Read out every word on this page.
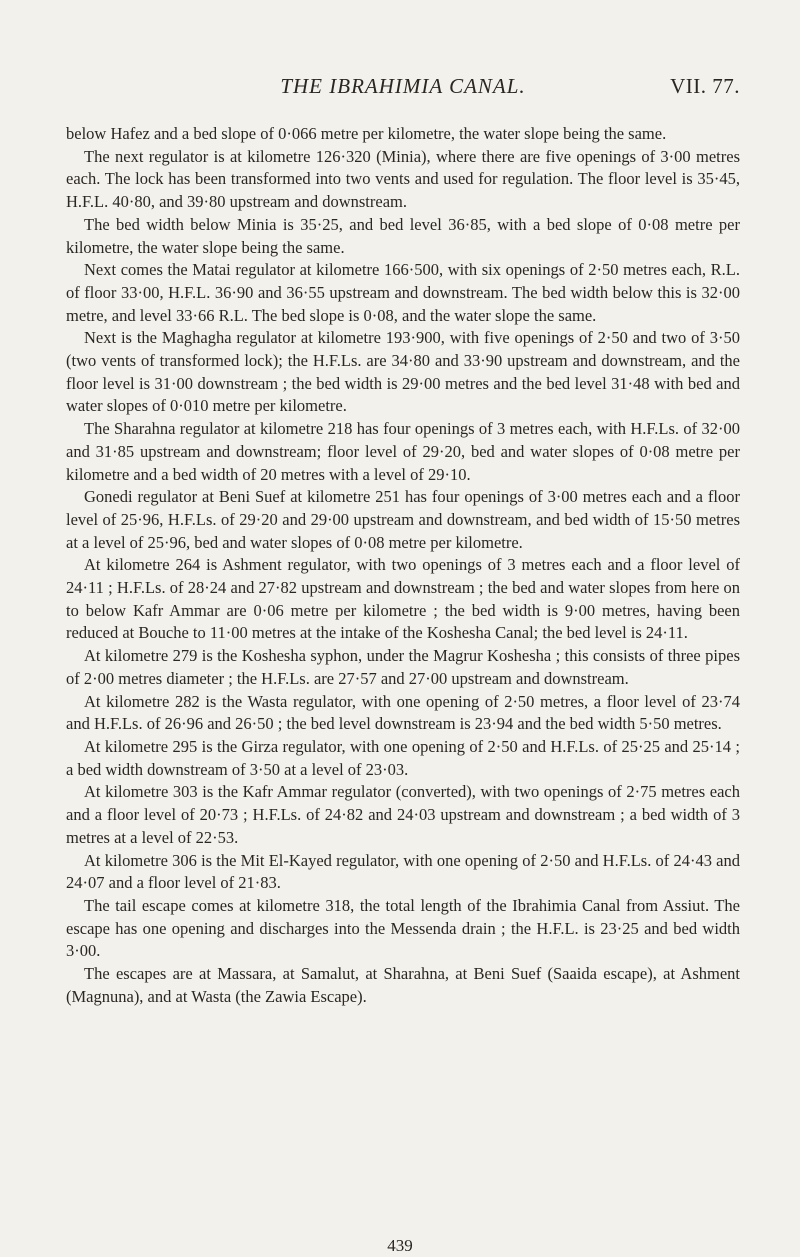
THE IBRAHIMIA CANAL.	VII. 77.

below Hafez and a bed slope of 0·066 metre per kilometre, the water slope being the same.

The next regulator is at kilometre 126·320 (Minia), where there are five openings of 3·00 metres each. The lock has been transformed into two vents and used for regulation. The floor level is 35·45, H.F.L. 40·80, and 39·80 upstream and downstream.

The bed width below Minia is 35·25, and bed level 36·85, with a bed slope of 0·08 metre per kilometre, the water slope being the same.

Next comes the Matai regulator at kilometre 166·500, with six openings of 2·50 metres each, R.L. of floor 33·00, H.F.L. 36·90 and 36·55 upstream and downstream. The bed width below this is 32·00 metre, and level 33·66 R.L. The bed slope is 0·08, and the water slope the same.

Next is the Maghagha regulator at kilometre 193·900, with five openings of 2·50 and two of 3·50 (two vents of transformed lock); the H.F.Ls. are 34·80 and 33·90 upstream and downstream, and the floor level is 31·00 downstream ; the bed width is 29·00 metres and the bed level 31·48 with bed and water slopes of 0·010 metre per kilometre.

The Sharahna regulator at kilometre 218 has four openings of 3 metres each, with H.F.Ls. of 32·00 and 31·85 upstream and downstream; floor level of 29·20, bed and water slopes of 0·08 metre per kilometre and a bed width of 20 metres with a level of 29·10.

Gonedi regulator at Beni Suef at kilometre 251 has four openings of 3·00 metres each and a floor level of 25·96, H.F.Ls. of 29·20 and 29·00 upstream and downstream, and bed width of 15·50 metres at a level of 25·96, bed and water slopes of 0·08 metre per kilometre.

At kilometre 264 is Ashment regulator, with two openings of 3 metres each and a floor level of 24·11 ; H.F.Ls. of 28·24 and 27·82 upstream and downstream ; the bed and water slopes from here on to below Kafr Ammar are 0·06 metre per kilometre ; the bed width is 9·00 metres, having been reduced at Bouche to 11·00 metres at the intake of the Koshesha Canal; the bed level is 24·11.

At kilometre 279 is the Koshesha syphon, under the Magrur Koshesha ; this consists of three pipes of 2·00 metres diameter ; the H.F.Ls. are 27·57 and 27·00 upstream and downstream.

At kilometre 282 is the Wasta regulator, with one opening of 2·50 metres, a floor level of 23·74 and H.F.Ls. of 26·96 and 26·50 ; the bed level downstream is 23·94 and the bed width 5·50 metres.

At kilometre 295 is the Girza regulator, with one opening of 2·50 and H.F.Ls. of 25·25 and 25·14 ; a bed width downstream of 3·50 at a level of 23·03.

At kilometre 303 is the Kafr Ammar regulator (converted), with two openings of 2·75 metres each and a floor level of 20·73 ; H.F.Ls. of 24·82 and 24·03 upstream and downstream ; a bed width of 3 metres at a level of 22·53.

At kilometre 306 is the Mit El-Kayed regulator, with one opening of 2·50 and H.F.Ls. of 24·43 and 24·07 and a floor level of 21·83.

The tail escape comes at kilometre 318, the total length of the Ibrahimia Canal from Assiut. The escape has one opening and discharges into the Messenda drain ; the H.F.L. is 23·25 and bed width 3·00.

The escapes are at Massara, at Samalut, at Sharahna, at Beni Suef (Saaida escape), at Ashment (Magnuna), and at Wasta (the Zawia Escape).

439
